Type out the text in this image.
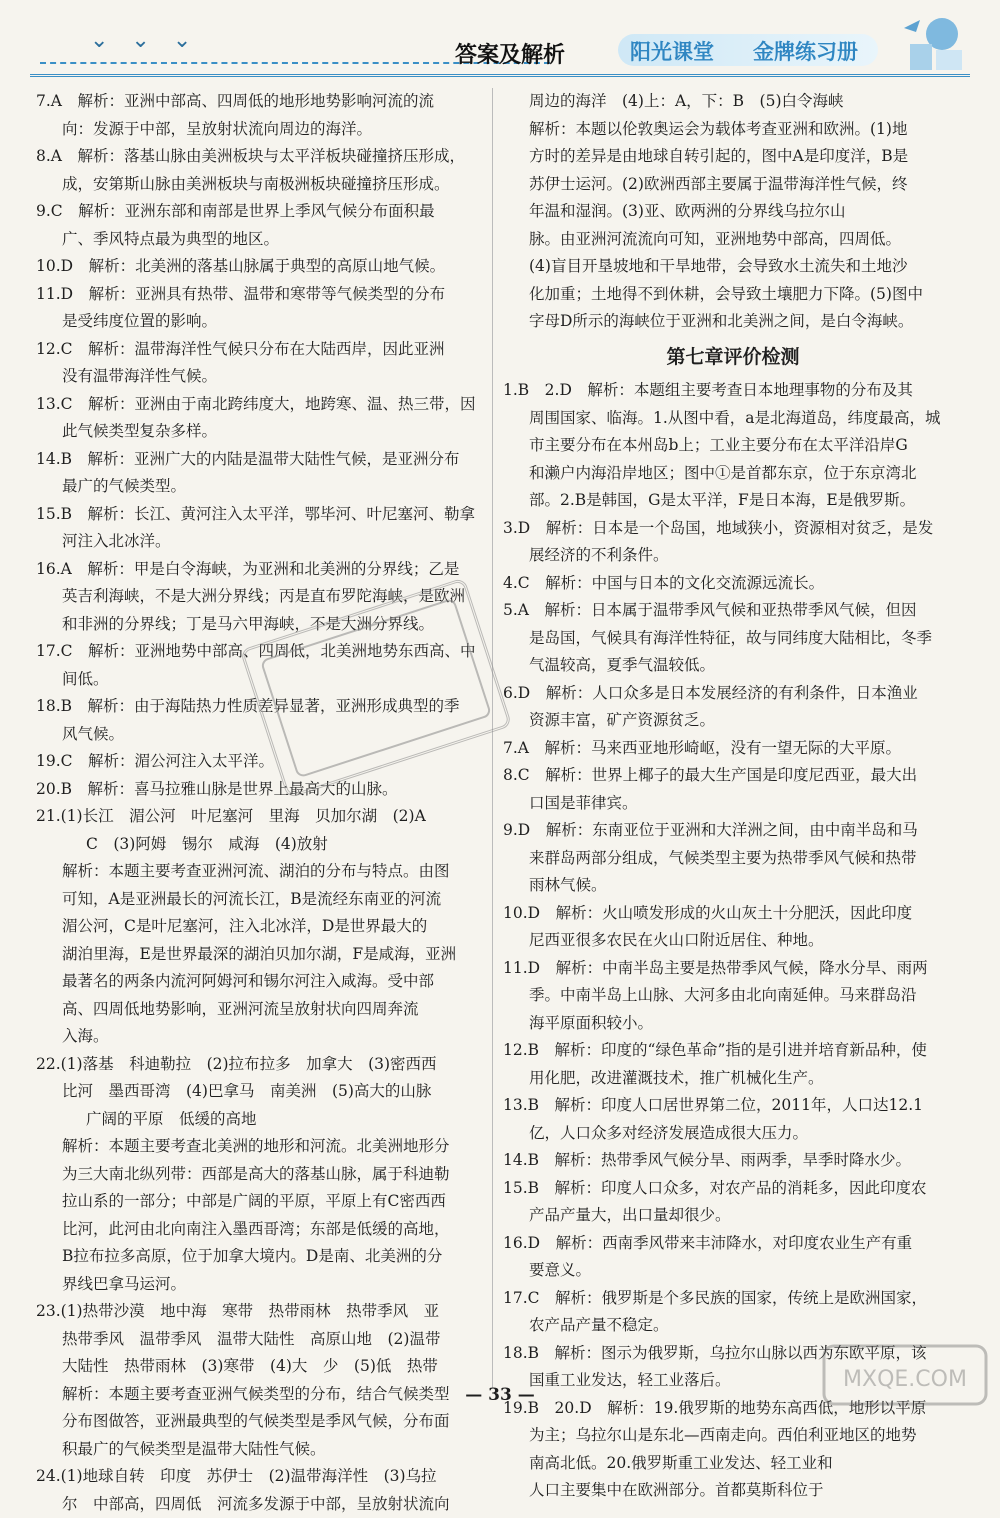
⌄ ⌄ ⌄
答案及解析	阳光课堂 金牌练习册

7.A　解析：亚洲中部高、四周低的地形地势影响河流的流

向：发源于中部，呈放射状流向周边的海洋。

8.A　解析：落基山脉由美洲板块与太平洋板块碰撞挤压形成，

成，安第斯山脉由美洲板块与南极洲板块碰撞挤压形成。

9.C　解析：亚洲东部和南部是世界上季风气候分布面积最

广、季风特点最为典型的地区。

10.D　解析：北美洲的落基山脉属于典型的高原山地气候。

11.D　解析：亚洲具有热带、温带和寒带等气候类型的分布

是受纬度位置的影响。

12.C　解析：温带海洋性气候只分布在大陆西岸，因此亚洲

没有温带海洋性气候。

13.C　解析：亚洲由于南北跨纬度大，地跨寒、温、热三带，因

此气候类型复杂多样。

14.B　解析：亚洲广大的内陆是温带大陆性气候，是亚洲分布

最广的气候类型。

15.B　解析：长江、黄河注入太平洋，鄂毕河、叶尼塞河、勒拿

河注入北冰洋。

16.A　解析：甲是白令海峡，为亚洲和北美洲的分界线；乙是

英吉利海峡，不是大洲分界线；丙是直布罗陀海峡，是欧洲

和非洲的分界线；丁是马六甲海峡，不是大洲分界线。

17.C　解析：亚洲地势中部高、四周低，北美洲地势东西高、中

间低。

18.B　解析：由于海陆热力性质差异显著，亚洲形成典型的季

风气候。

19.C　解析：湄公河注入太平洋。

20.B　解析：喜马拉雅山脉是世界上最高大的山脉。

21.(1)长江　湄公河　叶尼塞河　里海　贝加尔湖　(2)A

C　(3)阿姆　锡尔　咸海　(4)放射

解析：本题主要考查亚洲河流、湖泊的分布与特点。由图

可知，A是亚洲最长的河流长江，B是流经东南亚的河流

湄公河，C是叶尼塞河，注入北冰洋，D是世界最大的

湖泊里海，E是世界最深的湖泊贝加尔湖，F是咸海，亚洲

最著名的两条内流河阿姆河和锡尔河注入咸海。受中部

高、四周低地势影响，亚洲河流呈放射状向四周奔流

入海。

22.(1)落基　科迪勒拉　(2)拉布拉多　加拿大　(3)密西西

比河　墨西哥湾　(4)巴拿马　南美洲　(5)高大的山脉

广阔的平原　低缓的高地

解析：本题主要考查北美洲的地形和河流。北美洲地形分

为三大南北纵列带：西部是高大的落基山脉，属于科迪勒

拉山系的一部分；中部是广阔的平原，平原上有C密西西

比河，此河由北向南注入墨西哥湾；东部是低缓的高地，

B拉布拉多高原，位于加拿大境内。D是南、北美洲的分

界线巴拿马运河。

23.(1)热带沙漠　地中海　寒带　热带雨林　热带季风　亚

热带季风　温带季风　温带大陆性　高原山地　(2)温带

大陆性　热带雨林　(3)寒带　(4)大　少　(5)低　热带

解析：本题主要考查亚洲气候类型的分布，结合气候类型

分布图做答，亚洲最典型的气候类型是季风气候，分布面

积最广的气候类型是温带大陆性气候。

24.(1)地球自转　印度　苏伊士　(2)温带海洋性　(3)乌拉

尔　中部高，四周低　河流多发源于中部，呈放射状流向

周边的海洋　(4)上：A，下：B　(5)白令海峡

解析：本题以伦敦奥运会为载体考查亚洲和欧洲。(1)地

方时的差异是由地球自转引起的，图中A是印度洋，B是

苏伊士运河。(2)欧洲西部主要属于温带海洋性气候，终

年温和湿润。(3)亚、欧两洲的分界线乌拉尔山

脉。由亚洲河流流向可知，亚洲地势中部高，四周低。

(4)盲目开垦坡地和干旱地带，会导致水土流失和土地沙

化加重；土地得不到休耕，会导致土壤肥力下降。(5)图中

字母D所示的海峡位于亚洲和北美洲之间，是白令海峡。

第七章评价检测

1.B　2.D　解析：本题组主要考查日本地理事物的分布及其

周围国家、临海。1.从图中看，a是北海道岛，纬度最高，城

市主要分布在本州岛b上；工业主要分布在太平洋沿岸G

和濑户内海沿岸地区；图中①是首都东京，位于东京湾北

部。2.B是韩国，G是太平洋，F是日本海，E是俄罗斯。

3.D　解析：日本是一个岛国，地域狭小，资源相对贫乏，是发

展经济的不利条件。

4.C　解析：中国与日本的文化交流源远流长。

5.A　解析：日本属于温带季风气候和亚热带季风气候，但因

是岛国，气候具有海洋性特征，故与同纬度大陆相比，冬季

气温较高，夏季气温较低。

6.D　解析：人口众多是日本发展经济的有利条件，日本渔业

资源丰富，矿产资源贫乏。

7.A　解析：马来西亚地形崎岖，没有一望无际的大平原。

8.C　解析：世界上椰子的最大生产国是印度尼西亚，最大出

口国是菲律宾。

9.D　解析：东南亚位于亚洲和大洋洲之间，由中南半岛和马

来群岛两部分组成，气候类型主要为热带季风气候和热带

雨林气候。

10.D　解析：火山喷发形成的火山灰土十分肥沃，因此印度

尼西亚很多农民在火山口附近居住、种地。

11.D　解析：中南半岛主要是热带季风气候，降水分旱、雨两

季。中南半岛上山脉、大河多由北向南延伸。马来群岛沿

海平原面积较小。

12.B　解析：印度的“绿色革命”指的是引进并培育新品种，使

用化肥，改进灌溉技术，推广机械化生产。

13.B　解析：印度人口居世界第二位，2011年，人口达12.1

亿，人口众多对经济发展造成很大压力。

14.B　解析：热带季风气候分旱、雨两季，旱季时降水少。

15.B　解析：印度人口众多，对农产品的消耗多，因此印度农

产品产量大，出口量却很少。

16.D　解析：西南季风带来丰沛降水，对印度农业生产有重

要意义。

17.C　解析：俄罗斯是个多民族的国家，传统上是欧洲国家，

农产品产量不稳定。

18.B　解析：图示为俄罗斯，乌拉尔山脉以西为东欧平原，该

国重工业发达，轻工业落后。

19.B　20.D　解析：19.俄罗斯的地势东高西低，地形以平原

为主；乌拉尔山是东北—西南走向。西伯利亚地区的地势

南高北低。20.俄罗斯重工业发达、轻工业和

人口主要集中在欧洲部分。首都莫斯科位于

MXQE.COM
— 33 —
